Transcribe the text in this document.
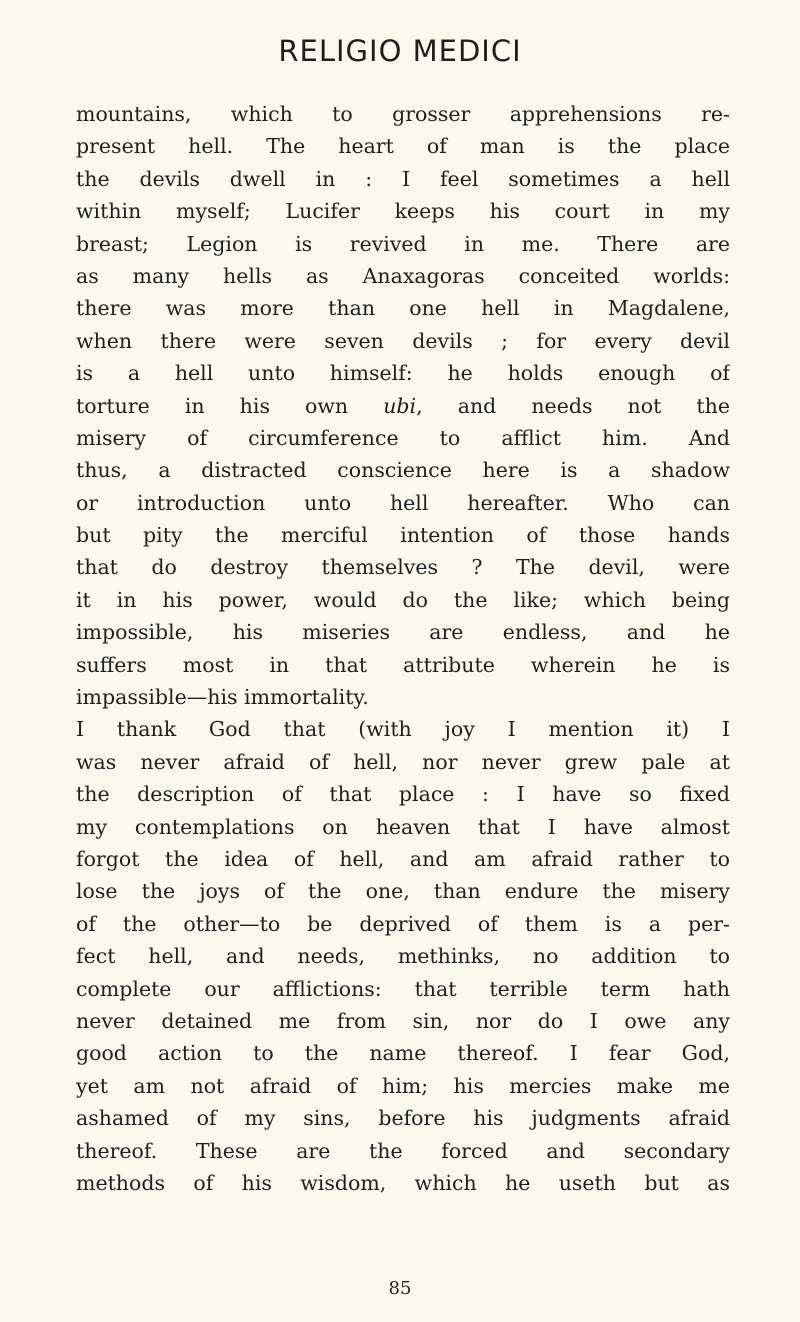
RELIGIO MEDICI
mountains, which to grosser apprehensions re-
present hell. The heart of man is the place
the devils dwell in : I feel sometimes a hell
within myself; Lucifer keeps his court in my
breast; Legion is revived in me. There are
as many hells as Anaxagoras conceited worlds:
there was more than one hell in Magdalene,
when there were seven devils ; for every devil
is a hell unto himself: he holds enough of
torture in his own ubi, and needs not the
misery of circumference to afflict him. And
thus, a distracted conscience here is a shadow
or introduction unto hell hereafter. Who can
but pity the merciful intention of those hands
that do destroy themselves ? The devil, were
it in his power, would do the like; which being
impossible, his miseries are endless, and he
suffers most in that attribute wherein he is
impassible—his immortality.
I thank God that (with joy I mention it) I
was never afraid of hell, nor never grew pale at
the description of that place : I have so fixed
my contemplations on heaven that I have almost
forgot the idea of hell, and am afraid rather to
lose the joys of the one, than endure the misery
of the other—to be deprived of them is a per-
fect hell, and needs, methinks, no addition to
complete our afflictions: that terrible term hath
never detained me from sin, nor do I owe any
good action to the name thereof. I fear God,
yet am not afraid of him; his mercies make me
ashamed of my sins, before his judgments afraid
thereof. These are the forced and secondary
methods of his wisdom, which he useth but as
85
